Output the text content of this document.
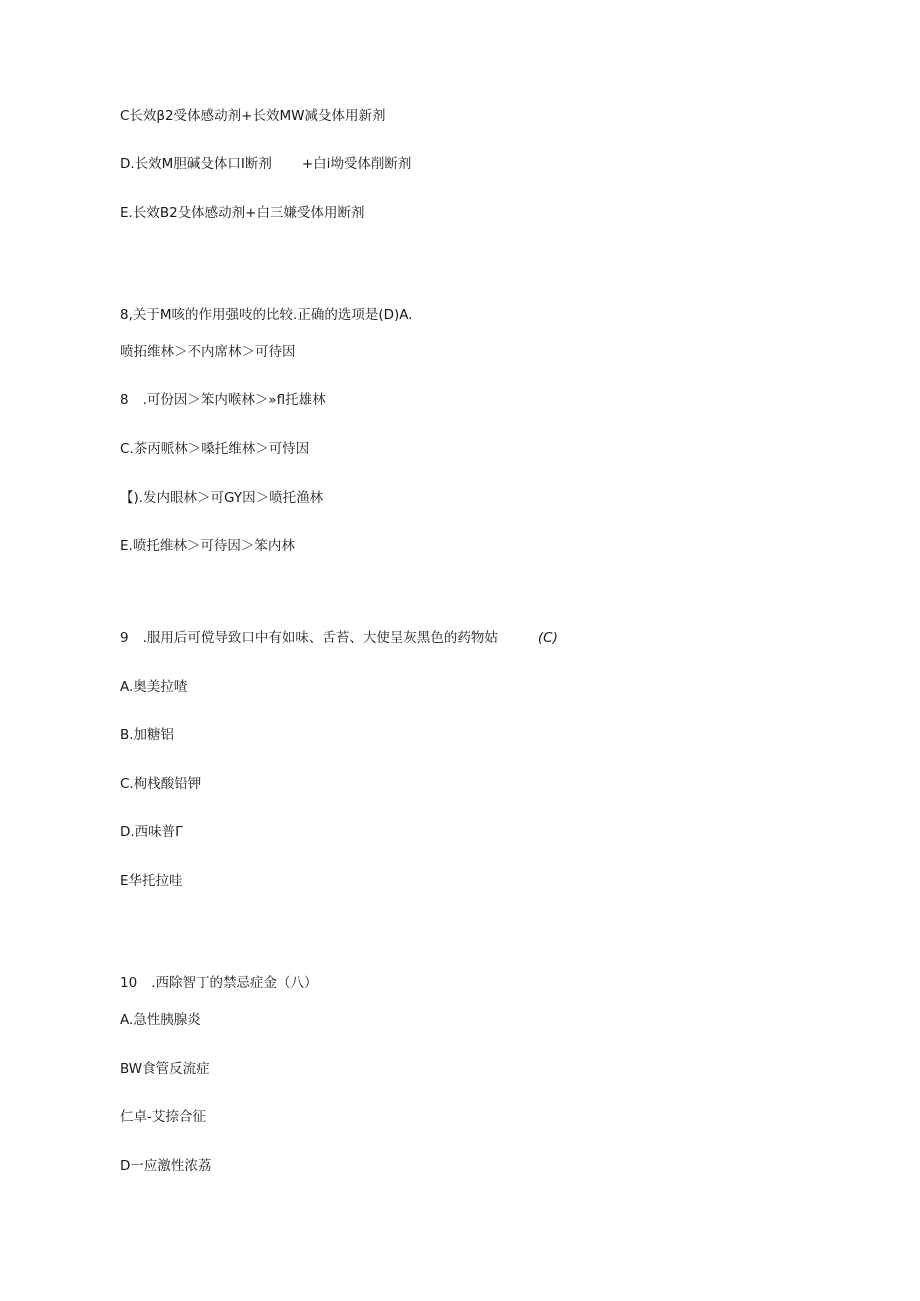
C长效β2受体感动剂+长效MW减殳体用新剂
D.长效M胆碱殳体口I断剂 +白i坳受体削断剂
E.长效B2殳体感动剂+白三嫌受体用断剂
8,关于M咳的作用强吱的比较.正确的选项是(D)A.
喷拓维林＞不内席林＞可待因
8 .可份因＞笨内喉林＞»fl托雄林
C.茶丙哌林＞嗓托维林＞可恃因
【).发内眼林＞可GY因＞喷托渔林
E.喷托维林＞可待因＞笨内林
9 .服用后可傥导致口中有如味、舌苔、大使呈灰黑色的药物姑	(C)
A.奥美拉喳
B.加糖铝
C.枸栈酸铅钾
D.西味普Γ
E华托拉哇
10 .西除智丁的禁忌症金（八）
A.急性胰腺炎
BW食管反流症
仁卓-艾捺合征
D一应激性浓荔
